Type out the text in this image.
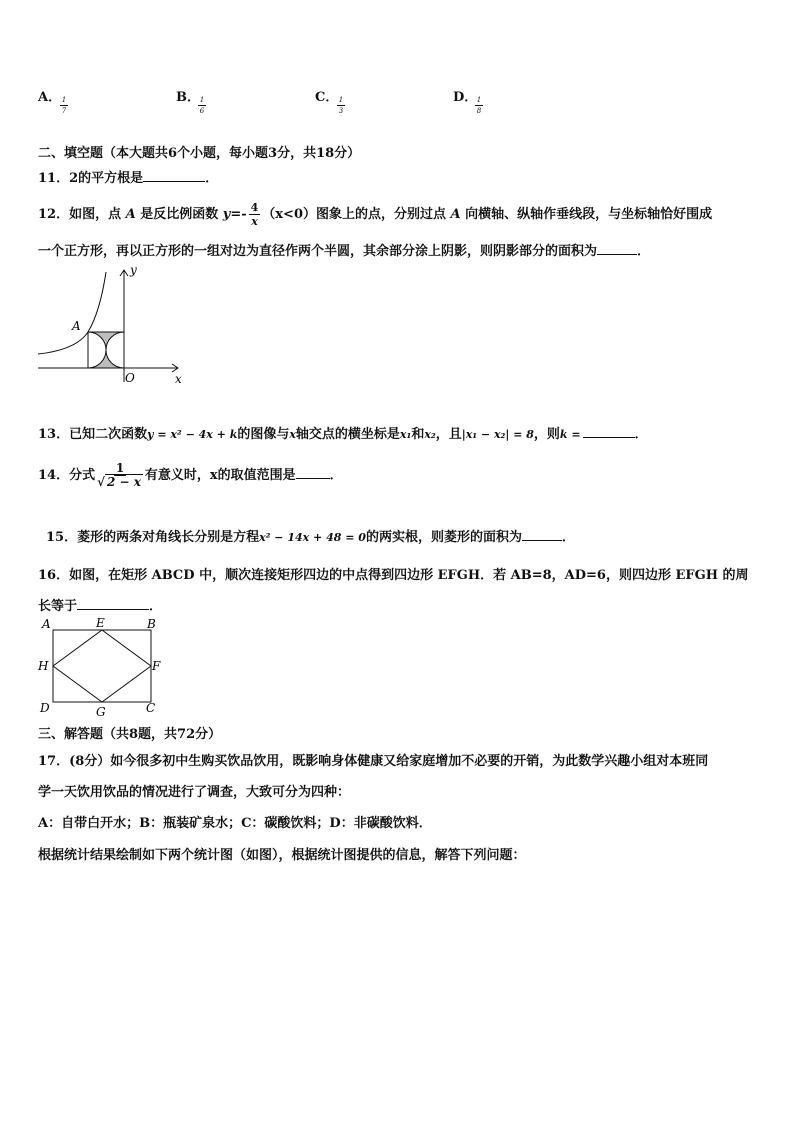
A． 1
7
B． 1
6
C． 1
3
D． 1
8
二、填空题（本大题共6个小题，每小题3分，共18分）
11．2的平方根是	．
12．如图，点 A 是反比例函数 $y=- \frac{4}{x} (x<0)$图象上的点，分别过点 A 向横轴、纵轴作垂线段，与坐标轴恰好围成
一个正方形，再以正方形的一组对边为直径作两个半圆，其余部分涂上阴影，则阴影部分的面积为	．
y
A
O	x
13．已知二次函数y = x² − 4x + k的图像与x轴交点的横坐标是x₁和x₂，且|x₁ − x₂| = 8，则k =	．
14．分式 $\frac{1}{√ 2 - x}$ 有意义时，x的取值范围是	．
15．菱形的两条对角线长分别是方程x² − 14x + 48 = 0的两实根，则菱形的面积为	．
16．如图，在矩形 ABCD 中，顺次连接矩形四边的中点得到四边形 EFGH．若 AB=8，AD=6，则四边形 EFGH 的周
长等于	．
A	E	B
H	F
D	G	C
三、解答题（共8题，共72分）
17．(8分）如今很多初中生购买饮品饮用，既影响身体健康又给家庭增加不必要的开销，为此数学兴趣小组对本班同
学一天饮用饮品的情况进行了调查，大致可分为四种：
A：自带白开水；B：瓶装矿泉水；C：碳酸饮料；D：非碳酸饮料．
根据统计结果绘制如下两个统计图（如图），根据统计图提供的信息，解答下列问题：
